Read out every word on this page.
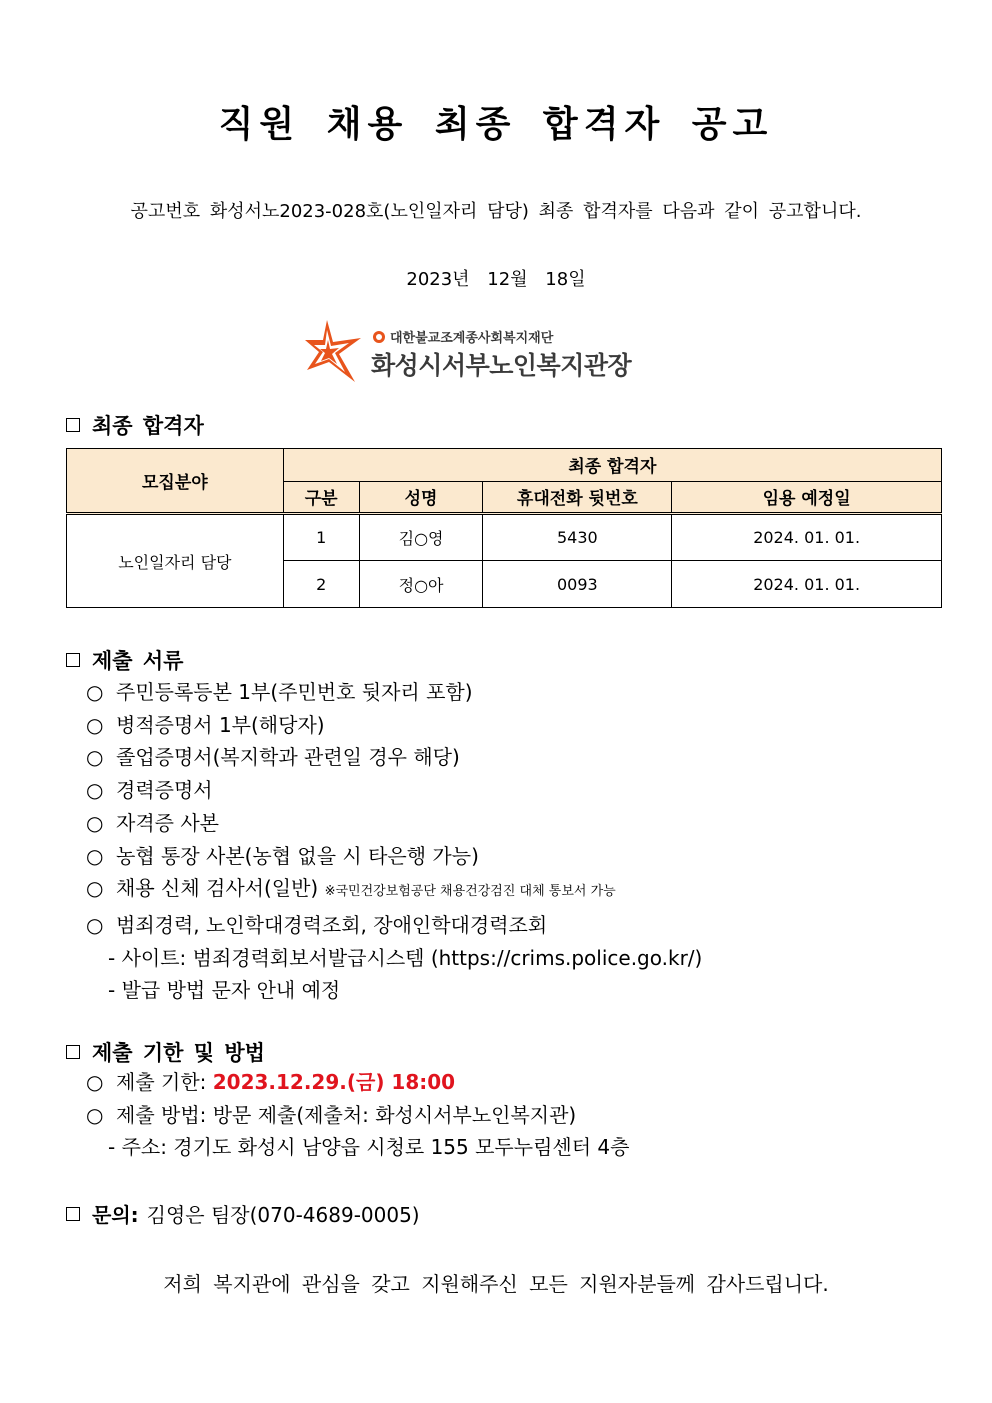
직원 채용 최종 합격자 공고
공고번호 화성서노2023-028호(노인일자리 담당) 최종 합격자를 다음과 같이 공고합니다.
2023년 12월 18일
대한불교조계종사회복지재단
화성시서부노인복지관장
최종 합격자
모집분야	최종 합격자			
	구분	성명	휴대전화 뒷번호	임용 예정일
노인일자리 담당	1	김○영	5430	2024. 01. 01.
	2	정○아	0093	2024. 01. 01.
제출 서류
○ 주민등록등본 1부(주민번호 뒷자리 포함)
○ 병적증명서 1부(해당자)
○ 졸업증명서(복지학과 관련일 경우 해당)
○ 경력증명서
○ 자격증 사본
○ 농협 통장 사본(농협 없을 시 타은행 가능)
○ 채용 신체 검사서(일반) ※국민건강보험공단 채용건강검진 대체 통보서 가능
○ 범죄경력, 노인학대경력조회, 장애인학대경력조회
- 사이트: 범죄경력회보서발급시스템 (https://crims.police.go.kr/)
- 발급 방법 문자 안내 예정
제출 기한 및 방법
○ 제출 기한: 2023.12.29.(금) 18:00
○ 제출 방법: 방문 제출(제출처: 화성시서부노인복지관)
- 주소: 경기도 화성시 남양읍 시청로 155 모두누림센터 4층
문의: 김영은 팀장(070-4689-0005)
저희 복지관에 관심을 갖고 지원해주신 모든 지원자분들께 감사드립니다.
